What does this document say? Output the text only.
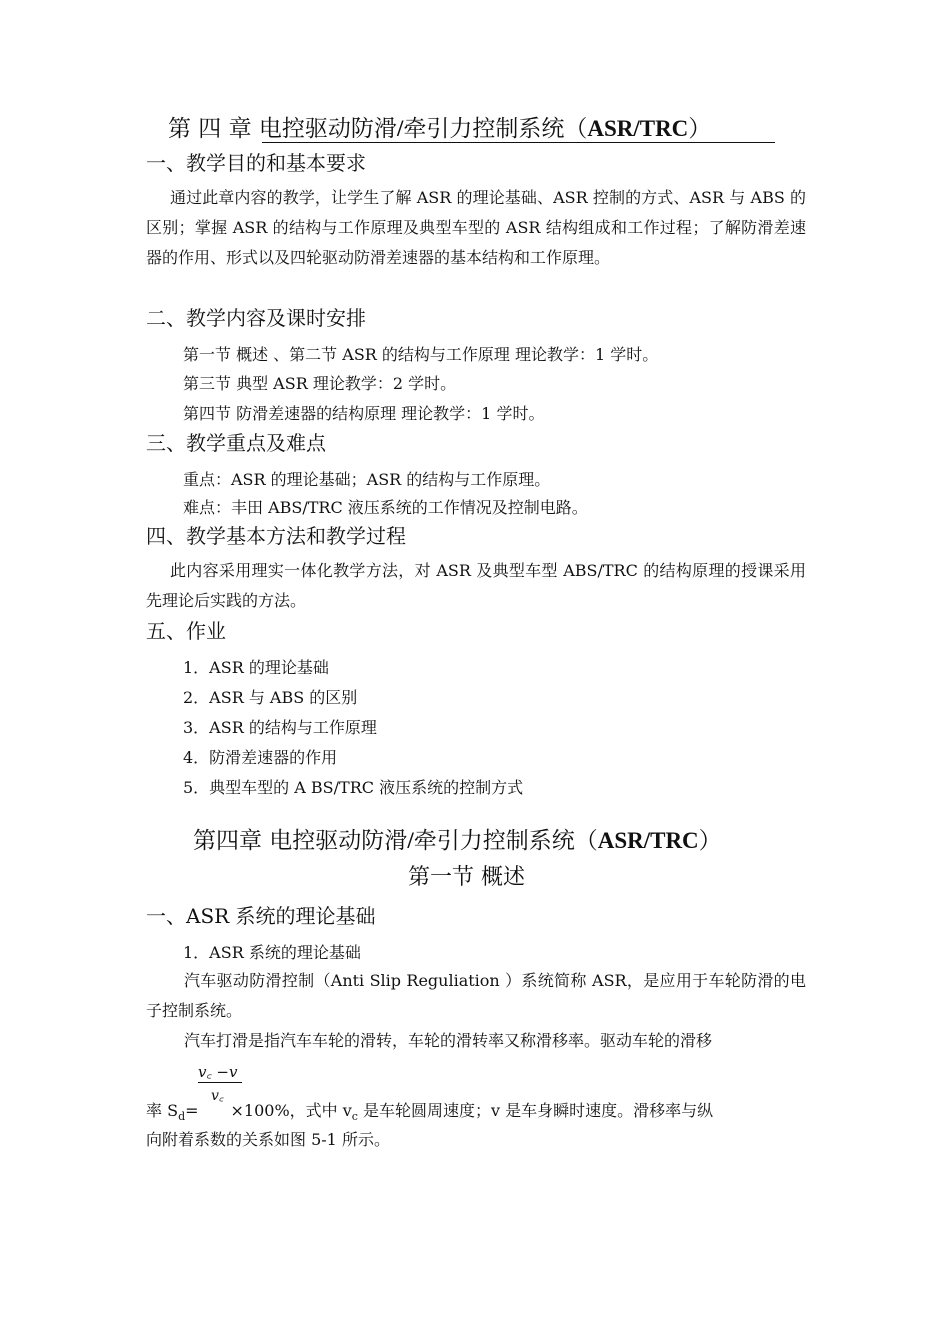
第 四 章 电控驱动防滑/牵引力控制系统（ASR/TRC）
一、教学目的和基本要求
通过此章内容的教学，让学生了解 ASR 的理论基础、ASR 控制的方式、ASR 与 ABS 的区别；掌握 ASR 的结构与工作原理及典型车型的 ASR 结构组成和工作过程；了解防滑差速器的作用、形式以及四轮驱动防滑差速器的基本结构和工作原理。
二、教学内容及课时安排
第一节 概述 、第二节 ASR 的结构与工作原理 理论教学：1 学时。
第三节 典型 ASR 理论教学：2 学时。
第四节 防滑差速器的结构原理 理论教学：1 学时。
三、教学重点及难点
重点：ASR 的理论基础；ASR 的结构与工作原理。
难点：丰田 ABS/TRC 液压系统的工作情况及控制电路。
四、教学基本方法和教学过程
此内容采用理实一体化教学方法，对 ASR 及典型车型 ABS/TRC 的结构原理的授课采用先理论后实践的方法。
五、作业
1．ASR 的理论基础
2．ASR 与 ABS 的区别
3．ASR 的结构与工作原理
4．防滑差速器的作用
5．典型车型的 A BS/TRC 液压系统的控制方式
第四章 电控驱动防滑/牵引力控制系统（ASR/TRC）
第一节 概述
一、ASR 系统的理论基础
1．ASR 系统的理论基础
汽车驱动防滑控制（Anti Slip Reguliation ）系统简称 ASR，是应用于车轮防滑的电子控制系统。
汽车打滑是指汽车车轮的滑转，车轮的滑转率又称滑移率。驱动车轮的滑移
v꜀ −v
v꜀
率 $S_d= \times 100\%$，式中 $v_c$ 是车轮圆周速度；v 是车身瞬时速度。滑移率与纵
向附着系数的关系如图 5-1 所示。
